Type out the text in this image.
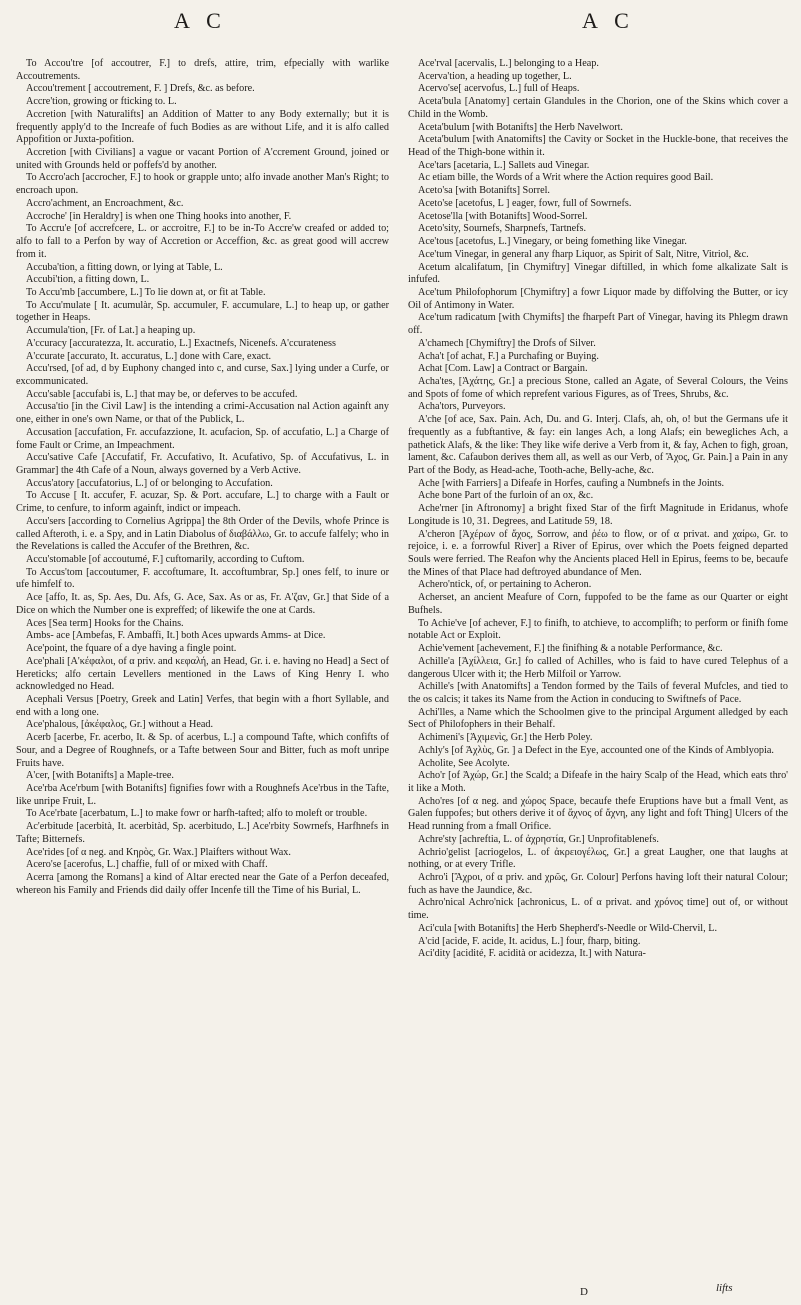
A C	A C

To Accou'tre [of accoutrer, F.] to drefs, attire, trim, efpecially with warlike Accoutrements.

Accou'trement [ accoutrement, F. ] Drefs, &c. as before.

Accre'tion, growing or fticking to. L.

Accretion [with Naturalifts] an Addition of Matter to any Body externally; but it is frequently apply'd to the Increafe of fuch Bodies as are without Life, and it is alfo called Appofition or Juxta-pofition.

Accretion [with Civilians] a vague or vacant Portion of A'ccrement Ground, joined or united with Grounds held or poffefs'd by another.

To Accro'ach [accrocher, F.] to hook or grapple unto; alfo invade another Man's Right; to encroach upon.

Accro'achment, an Encroachment, &c.

Accroche' [in Heraldry] is when one Thing hooks into another, F.

To Accru'e [of accrefcere, L. or accroitre, F.] to be in-To Accre'w creafed or added to; alfo to fall to a Perfon by way of Accretion or Acceffion, &c. as great good will accrew from it.

Accuba'tion, a fitting down, or lying at Table, L.

Accubi'tion, a fitting down, L.

To Accu'mb [accumbere, L.] To lie down at, or fit at Table.

To Accu'mulate [ It. acumulàr, Sp. accumuler, F. accumulare, L.] to heap up, or gather together in Heaps.

Accumula'tion, [Fr. of Lat.] a heaping up.

A'ccuracy [accuratezza, It. accuratio, L.] Exactnefs, Nicenefs. A'ccurateness

A'ccurate [accurato, It. accuratus, L.] done with Care, exact.

Accu'rsed, [of ad, d by Euphony changed into c, and curse, Sax.] lying under a Curfe, or excommunicated.

Accu'sable [accufabi is, L.] that may be, or deferves to be accufed.

Accusa'tio [in the Civil Law] is the intending a crimi-Accusation nal Action againft any one, either in one's own Name, or that of the Publick, L.

Accusation [accufation, Fr. accufazzione, It. acufacion, Sp. of accufatio, L.] a Charge of fome Fault or Crime, an Impeachment.

Accu'sative Cafe [Accufatif, Fr. Accufativo, It. Acufativo, Sp. of Accufativus, L. in Grammar] the 4th Cafe of a Noun, always governed by a Verb Active.

Accus'atory [accufatorius, L.] of or belonging to Accufation.

To Accuse [ It. accufer, F. acuzar, Sp. & Port. accufare, L.] to charge with a Fault or Crime, to cenfure, to inform againft, indict or impeach.

Accu'sers [according to Cornelius Agrippa] the 8th Order of the Devils, whofe Prince is called Afteroth, i. e. a Spy, and in Latin Diabolus of διαβάλλω, Gr. to accufe falfely; who in the Revelations is called the Accufer of the Brethren, &c.

Accu'stomable [of accoutumé, F.] cuftomarily, according to Cuftom.

To Accus'tom [accoutumer, F. accoftumare, It. accoftumbrar, Sp.] ones felf, to inure or ufe himfelf to.

Ace [affo, It. as, Sp. Aes, Du. Afs, G. Ace, Sax. As or as, Fr. A'ζαν, Gr.] that Side of a Dice on which the Number one is expreffed; of likewife the one at Cards.

Aces [Sea term] Hooks for the Chains.

Ambs- ace [Ambefas, F. Ambaffi, It.] both Aces upwards Amms- at Dice.

Ace'point, the fquare of a dye having a fingle point.

Ace'phali [A'κέφαλοι, of α priv. and κεφαλή, an Head, Gr. i. e. having no Head] a Sect of Hereticks; alfo certain Levellers mentioned in the Laws of King Henry I. who acknowledged no Head.

Acephali Versus [Poetry, Greek and Latin] Verfes, that begin with a fhort Syllable, and end with a long one.

Ace'phalous, [ἀκέφαλος, Gr.] without a Head.

Acerb [acerbe, Fr. acerbo, It. & Sp. of acerbus, L.] a compound Tafte, which confifts of Sour, and a Degree of Roughnefs, or a Tafte between Sour and Bitter, fuch as moft unripe Fruits have.

A'cer, [with Botanifts] a Maple-tree.

Ace'rba Ace'rbum [with Botanifts] fignifies fowr with a Roughnefs Ace'rbus in the Tafte, like unripe Fruit, L.

To Ace'rbate [acerbatum, L.] to make fowr or harfh-tafted; alfo to moleft or trouble.

Ac'erbitude [acerbità, It. acerbitàd, Sp. acerbitudo, L.] Ace'rbity Sowrnefs, Harfhnefs in Tafte; Bitternefs.

Ace'rides [of α neg. and Κηρὸς, Gr. Wax.] Plaifters without Wax.

Acero'se [acerofus, L.] chaffie, full of or mixed with Chaff.

Acerra [among the Romans] a kind of Altar erected near the Gate of a Perfon deceafed, whereon his Family and Friends did daily offer Incenfe till the Time of his Burial, L.

Ace'rval [acervalis, L.] belonging to a Heap.

Acerva'tion, a heading up together, L.

Acervo'se[ acervofus, L.] full of Heaps.

Aceta'bula [Anatomy] certain Glandules in the Chorion, one of the Skins which cover a Child in the Womb.

Aceta'bulum [with Botanifts] the Herb Navelwort.

Aceta'bulum [with Anatomifts] the Cavity or Socket in the Huckle-bone, that receives the Head of the Thigh-bone within it.

Ace'tars [acetaria, L.] Sallets aud Vinegar.

Ac etiam bille, the Words of a Writ where the Action requires good Bail.

Aceto'sa [with Botanifts] Sorrel.

Aceto'se [acetofus, L ] eager, fowr, full of Sowrnefs.

Acetose'lla [with Botanifts] Wood-Sorrel.

Aceto'sity, Sournefs, Sharpnefs, Tartnefs.

Ace'tous [acetofus, L.] Vinegary, or being fomething like Vinegar.

Ace'tum Vinegar, in general any fharp Liquor, as Spirit of Salt, Nitre, Vitriol, &c.

Acetum alcalifatum, [in Chymiftry] Vinegar diftilled, in which fome alkalizate Salt is infufed.

Ace'tum Philofophorum [Chymiftry] a fowr Liquor made by diffolving the Butter, or icy Oil of Antimony in Water.

Ace'tum radicatum [with Chymifts] the fharpeft Part of Vinegar, having its Phlegm drawn off.

A'chamech [Chymiftry] the Drofs of Silver.

Acha't [of achat, F.] a Purchafing or Buying.

Achat [Com. Law] a Contract or Bargain.

Acha'tes, [Ἀχάτης, Gr.] a precious Stone, called an Agate, of Several Colours, the Veins and Spots of fome of which reprefent various Figures, as of Trees, Shrubs, &c.

Acha'tors, Purveyors.

A'che [of ace, Sax. Pain. Ach, Du. and G. Interj. Clafs, ah, oh, o! but the Germans ufe it frequently as a fubftantive, & fay: ein langes Ach, a long Alafs; ein bewegliches Ach, a pathetick Alafs, & the like: They like wife derive a Verb from it, & fay, Achen to figh, groan, lament, &c. Cafaubon derives them all, as well as our Verb, of Ἄχος, Gr. Pain.] a Pain in any Part of the Body, as Head-ache, Tooth-ache, Belly-ache, &c.

Ache [with Farriers] a Difeafe in Horfes, caufing a Numbnefs in the Joints.

Ache bone Part of the furloin of an ox, &c.

Ache'rner [in Aftronomy] a bright fixed Star of the firft Magnitude in Eridanus, whofe Longitude is 10, 31. Degrees, and Latitude 59, 18.

A'cheron [Ἀχέρων of ἄχος, Sorrow, and ῥέω to flow, or of α privat. and χαίρω, Gr. to rejoice, i. e. a forrowful River] a River of Epirus, over which the Poets feigned departed Souls were ferried. The Reafon why the Ancients placed Hell in Epirus, feems to be, becaufe the Mines of that Place had deftroyed abundance of Men.

Achero'ntick, of, or pertaining to Acheron.

Acherset, an ancient Meafure of Corn, fuppofed to be the fame as our Quarter or eight Bufhels.

To Achie've [of achever, F.] to finifh, to atchieve, to accomplifh; to perform or finifh fome notable Act or Exploit.

Achie'vement [achevement, F.] the finifhing & a notable Performance, &c.

Achille'a [Ἀχίλλεια, Gr.] fo called of Achilles, who is faid to have cured Telephus of a dangerous Ulcer with it; the Herb Milfoil or Yarrow.

Achille's [with Anatomifts] a Tendon formed by the Tails of feveral Mufcles, and tied to the os calcis; it takes its Name from the Action in conducing to Swiftnefs of Pace.

Achi'lles, a Name which the Schoolmen give to the principal Argument alledged by each Sect of Philofophers in their Behalf.

Achimeni's [Ἀχιμενὶς, Gr.] the Herb Poley.

Achly's [of Ἀχλὺς, Gr. ] a Defect in the Eye, accounted one of the Kinds of Amblyopia.

Acholite, See Acolyte.

Acho'r [of Ἀχώρ, Gr.] the Scald; a Difeafe in the hairy Scalp of the Head, which eats thro' it like a Moth.

Acho'res [of α neg. and χώρος Space, becaufe thefe Eruptions have but a fmall Vent, as Galen fuppofes; but others derive it of ἄχνος of ἄχνη, any light and foft Thing] Ulcers of the Head running from a fmall Orifice.

Achre'sty [achreftia, L. of ἀχρηστία, Gr.] Unprofitablenefs.

Achrio'gelist [acriogelos, L. of ἀκρειογέλως, Gr.] a great Laugher, one that laughs at nothing, or at every Trifle.

Achro'i [Ἄχροι, of α priv. and χρῶς, Gr. Colour] Perfons having loft their natural Colour; fuch as have the Jaundice, &c.

Achro'nical Achro'nick [achronicus, L. of α privat. and χρόνος time] out of, or without time.

Aci'cula [with Botanifts] the Herb Shepherd's-Needle or Wild-Chervil, L.

A'cid [acide, F. acide, It. acidus, L.] four, fharp, biting.

Aci'dity [acidité, F. acidità or acidezza, It.] with Natura-

D	lifts
